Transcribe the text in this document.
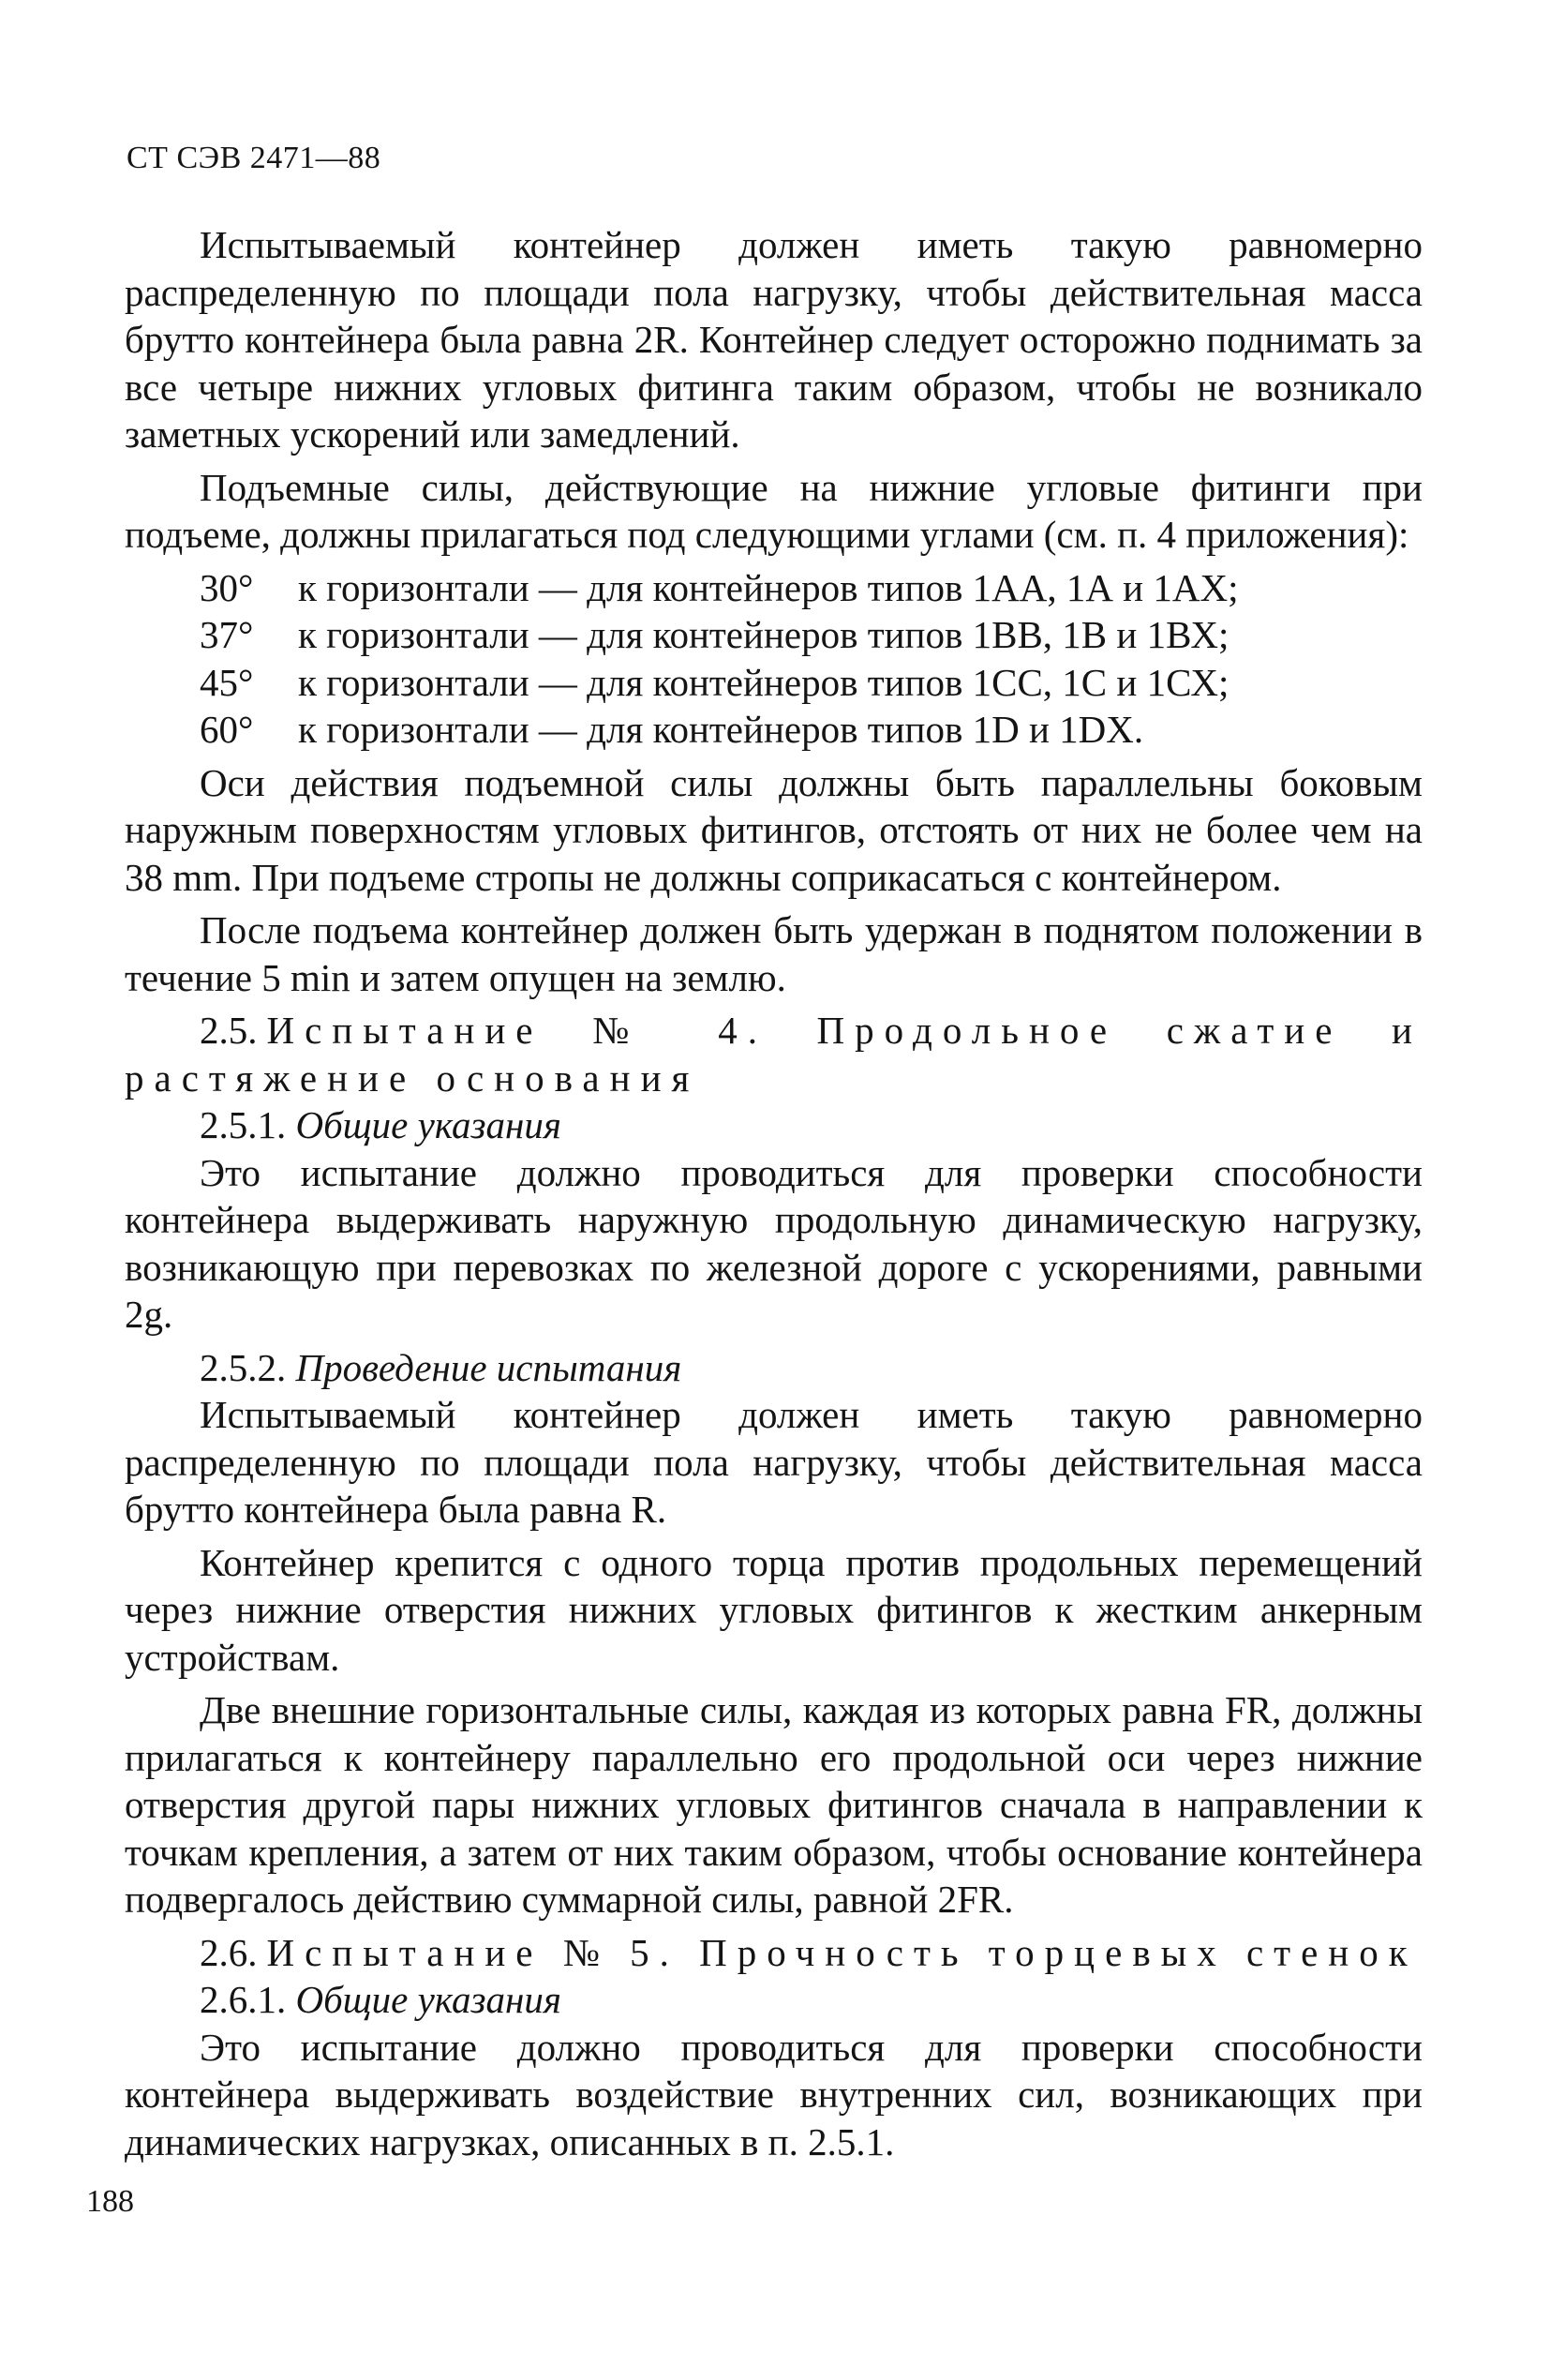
СТ СЭВ 2471—88

Испытываемый контейнер должен иметь такую равномерно распределенную по площади пола нагрузку, чтобы действительная масса брутто контейнера была равна 2R. Контейнер следует осторожно поднимать за все четыре нижних угловых фитинга таким образом, чтобы не возникало заметных ускорений или замедлений.

Подъемные силы, действующие на нижние угловые фитинги при подъеме, должны прилагаться под следующими углами (см. п. 4 приложения):

30°	к горизонтали — для контейнеров типов 1АА, 1А и 1АХ;
37°	к горизонтали — для контейнеров типов 1ВВ, 1В и 1ВХ;
45°	к горизонтали — для контейнеров типов 1СС, 1С и 1СХ;
60°	к горизонтали — для контейнеров типов 1D и 1DX.

Оси действия подъемной силы должны быть параллельны боковым наружным поверхностям угловых фитингов, отстоять от них не более чем на 38 mm. При подъеме стропы не должны соприкасаться с контейнером.

После подъема контейнер должен быть удержан в поднятом положении в течение 5 min и затем опущен на землю.

2.5. Испытание № 4. Продольное сжатие и растяжение основания

2.5.1. Общие указания

Это испытание должно проводиться для проверки способности контейнера выдерживать наружную продольную динамическую нагрузку, возникающую при перевозках по железной дороге с ускорениями, равными 2g.

2.5.2. Проведение испытания

Испытываемый контейнер должен иметь такую равномерно распределенную по площади пола нагрузку, чтобы действительная масса брутто контейнера была равна R.

Контейнер крепится с одного торца против продольных перемещений через нижние отверстия нижних угловых фитингов к жестким анкерным устройствам.

Две внешние горизонтальные силы, каждая из которых равна FR, должны прилагаться к контейнеру параллельно его продольной оси через нижние отверстия другой пары нижних угловых фитингов сначала в направлении к точкам крепления, а затем от них таким образом, чтобы основание контейнера подвергалось действию суммарной силы, равной 2FR.

2.6. Испытание № 5. Прочность торцевых стенок

2.6.1. Общие указания

Это испытание должно проводиться для проверки способности контейнера выдерживать воздействие внутренних сил, возникающих при динамических нагрузках, описанных в п. 2.5.1.

188
